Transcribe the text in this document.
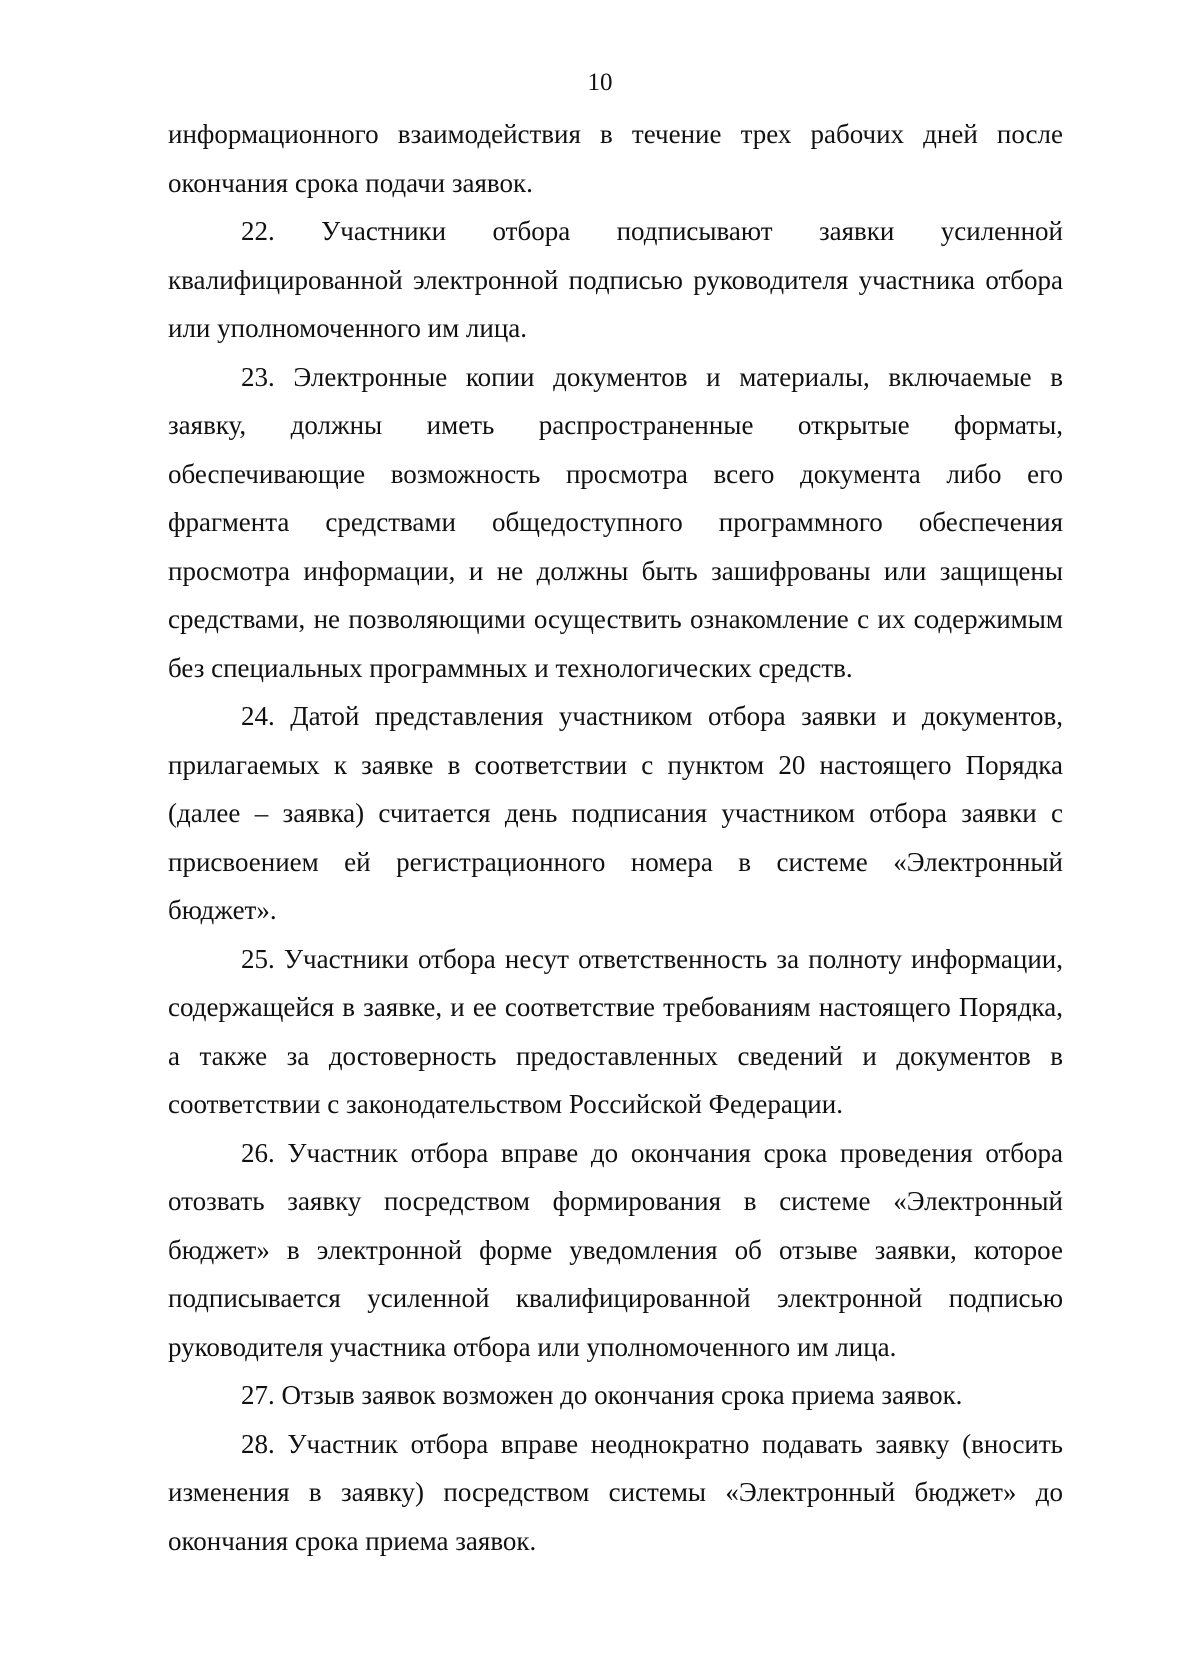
10

информационного взаимодействия в течение трех рабочих дней после окончания срока подачи заявок.

22. Участники отбора подписывают заявки усиленной квалифицированной электронной подписью руководителя участника отбора или уполномоченного им лица.

23. Электронные копии документов и материалы, включаемые в заявку, должны иметь распространенные открытые форматы, обеспечивающие возможность просмотра всего документа либо его фрагмента средствами общедоступного программного обеспечения просмотра информации, и не должны быть зашифрованы или защищены средствами, не позволяющими осуществить ознакомление с их содержимым без специальных программных и технологических средств.

24. Датой представления участником отбора заявки и документов, прилагаемых к заявке в соответствии с пунктом 20 настоящего Порядка (далее – заявка) считается день подписания участником отбора заявки с присвоением ей регистрационного номера в системе «Электронный бюджет».

25. Участники отбора несут ответственность за полноту информации, содержащейся в заявке, и ее соответствие требованиям настоящего Порядка, а также за достоверность предоставленных сведений и документов в соответствии с законодательством Российской Федерации.

26. Участник отбора вправе до окончания срока проведения отбора отозвать заявку посредством формирования в системе «Электронный бюджет» в электронной форме уведомления об отзыве заявки, которое подписывается усиленной квалифицированной электронной подписью руководителя участника отбора или уполномоченного им лица.

27. Отзыв заявок возможен до окончания срока приема заявок.

28. Участник отбора вправе неоднократно подавать заявку (вносить изменения в заявку) посредством системы «Электронный бюджет» до окончания срока приема заявок.
